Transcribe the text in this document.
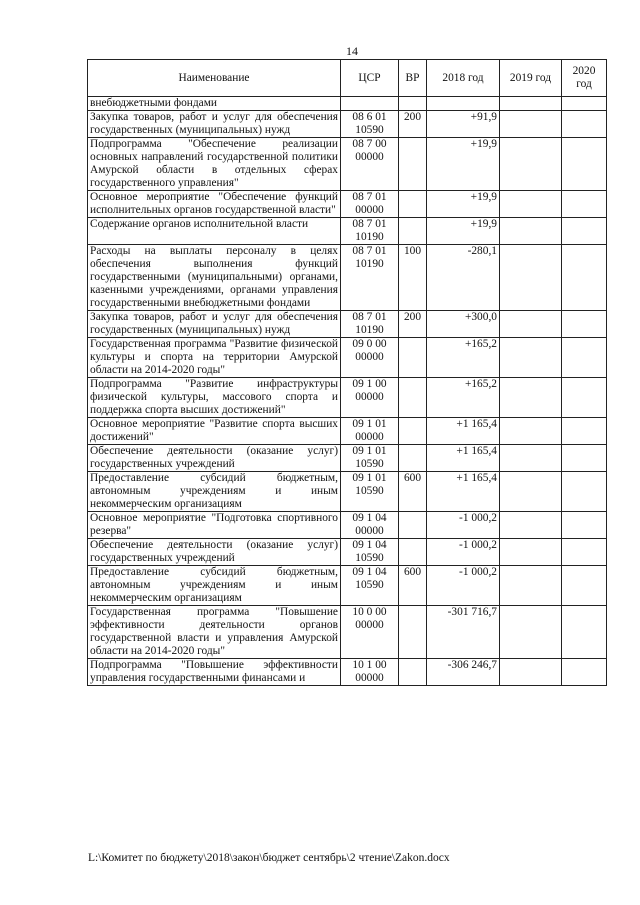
14
Наименование	ЦСР	ВР	2018 год	2019 год	2020 год
внебюджетными фондами					
Закупка товаров, работ и услуг для обеспечения государственных (муниципальных) нужд	08 6 01 10590	200	+91,9		
Подпрограмма "Обеспечение реализации основных направлений государственной политики Амурской области в отдельных сферах государственного управления"	08 7 00 00000		+19,9		
Основное мероприятие "Обеспечение функций исполнительных органов государственной власти"	08 7 01 00000		+19,9		
Содержание органов исполнительной власти	08 7 01 10190		+19,9		
Расходы на выплаты персоналу в целях обеспечения выполнения функций государственными (муниципальными) органами, казенными учреждениями, органами управления государственными внебюджетными фондами	08 7 01 10190	100	-280,1		
Закупка товаров, работ и услуг для обеспечения государственных (муниципальных) нужд	08 7 01 10190	200	+300,0		
Государственная программа "Развитие физической культуры и спорта на территории Амурской области на 2014-2020 годы"	09 0 00 00000		+165,2		
Подпрограмма "Развитие инфраструктуры физической культуры, массового спорта и поддержка спорта высших достижений"	09 1 00 00000		+165,2		
Основное мероприятие "Развитие спорта высших достижений"	09 1 01 00000		+1 165,4		
Обеспечение деятельности (оказание услуг) государственных учреждений	09 1 01 10590		+1 165,4		
Предоставление субсидий бюджетным, автономным учреждениям и иным некоммерческим организациям	09 1 01 10590	600	+1 165,4		
Основное мероприятие "Подготовка спортивного резерва"	09 1 04 00000		-1 000,2		
Обеспечение деятельности (оказание услуг) государственных учреждений	09 1 04 10590		-1 000,2		
Предоставление субсидий бюджетным, автономным учреждениям и иным некоммерческим организациям	09 1 04 10590	600	-1 000,2		
Государственная программа "Повышение эффективности деятельности органов государственной власти и управления Амурской области на 2014-2020 годы"	10 0 00 00000		-301 716,7		
Подпрограмма "Повышение эффективности управления государственными финансами и	10 1 00 00000		-306 246,7		
L:\Комитет по бюджету\2018\закон\бюджет сентябрь\2 чтение\Zakon.docx
